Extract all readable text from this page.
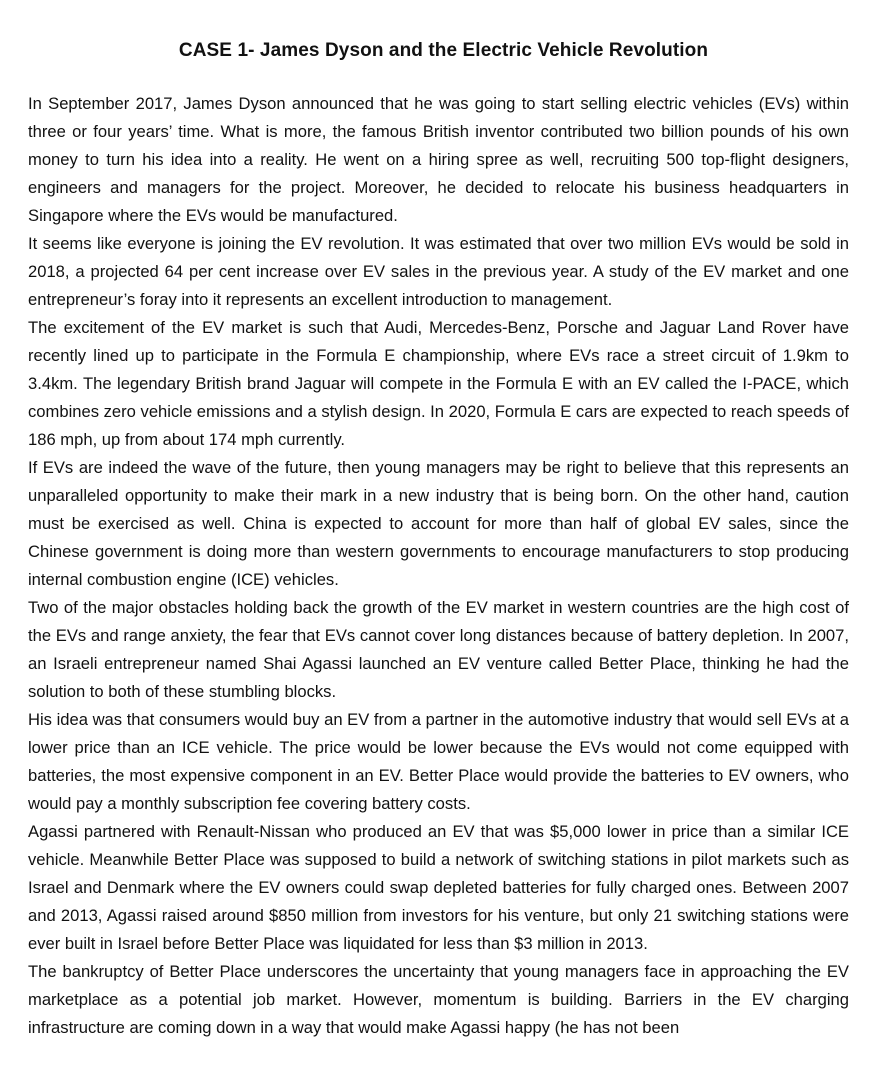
CASE 1- James Dyson and the Electric Vehicle Revolution

In September 2017, James Dyson announced that he was going to start selling electric vehicles (EVs) within three or four years’ time. What is more, the famous British inventor contributed two billion pounds of his own money to turn his idea into a reality. He went on a hiring spree as well, recruiting 500 top-flight designers, engineers and managers for the project. Moreover, he decided to relocate his business headquarters in Singapore where the EVs would be manufactured.

It seems like everyone is joining the EV revolution. It was estimated that over two million EVs would be sold in 2018, a projected 64 per cent increase over EV sales in the previous year. A study of the EV market and one entrepreneur’s foray into it represents an excellent introduction to management.

The excitement of the EV market is such that Audi, Mercedes-Benz, Porsche and Jaguar Land Rover have recently lined up to participate in the Formula E championship, where EVs race a street circuit of 1.9km to 3.4km. The legendary British brand Jaguar will compete in the Formula E with an EV called the I-PACE, which combines zero vehicle emissions and a stylish design. In 2020, Formula E cars are expected to reach speeds of 186 mph, up from about 174 mph currently.

If EVs are indeed the wave of the future, then young managers may be right to believe that this represents an unparalleled opportunity to make their mark in a new industry that is being born. On the other hand, caution must be exercised as well. China is expected to account for more than half of global EV sales, since the Chinese government is doing more than western governments to encourage manufacturers to stop producing internal combustion engine (ICE) vehicles.

Two of the major obstacles holding back the growth of the EV market in western countries are the high cost of the EVs and range anxiety, the fear that EVs cannot cover long distances because of battery depletion. In 2007, an Israeli entrepreneur named Shai Agassi launched an EV venture called Better Place, thinking he had the solution to both of these stumbling blocks.

His idea was that consumers would buy an EV from a partner in the automotive industry that would sell EVs at a lower price than an ICE vehicle. The price would be lower because the EVs would not come equipped with batteries, the most expensive component in an EV. Better Place would provide the batteries to EV owners, who would pay a monthly subscription fee covering battery costs.

Agassi partnered with Renault-Nissan who produced an EV that was $5,000 lower in price than a similar ICE vehicle. Meanwhile Better Place was supposed to build a network of switching stations in pilot markets such as Israel and Denmark where the EV owners could swap depleted batteries for fully charged ones. Between 2007 and 2013, Agassi raised around $850 million from investors for his venture, but only 21 switching stations were ever built in Israel before Better Place was liquidated for less than $3 million in 2013.

The bankruptcy of Better Place underscores the uncertainty that young managers face in approaching the EV marketplace as a potential job market. However, momentum is building. Barriers in the EV charging infrastructure are coming down in a way that would make Agassi happy (he has not been
